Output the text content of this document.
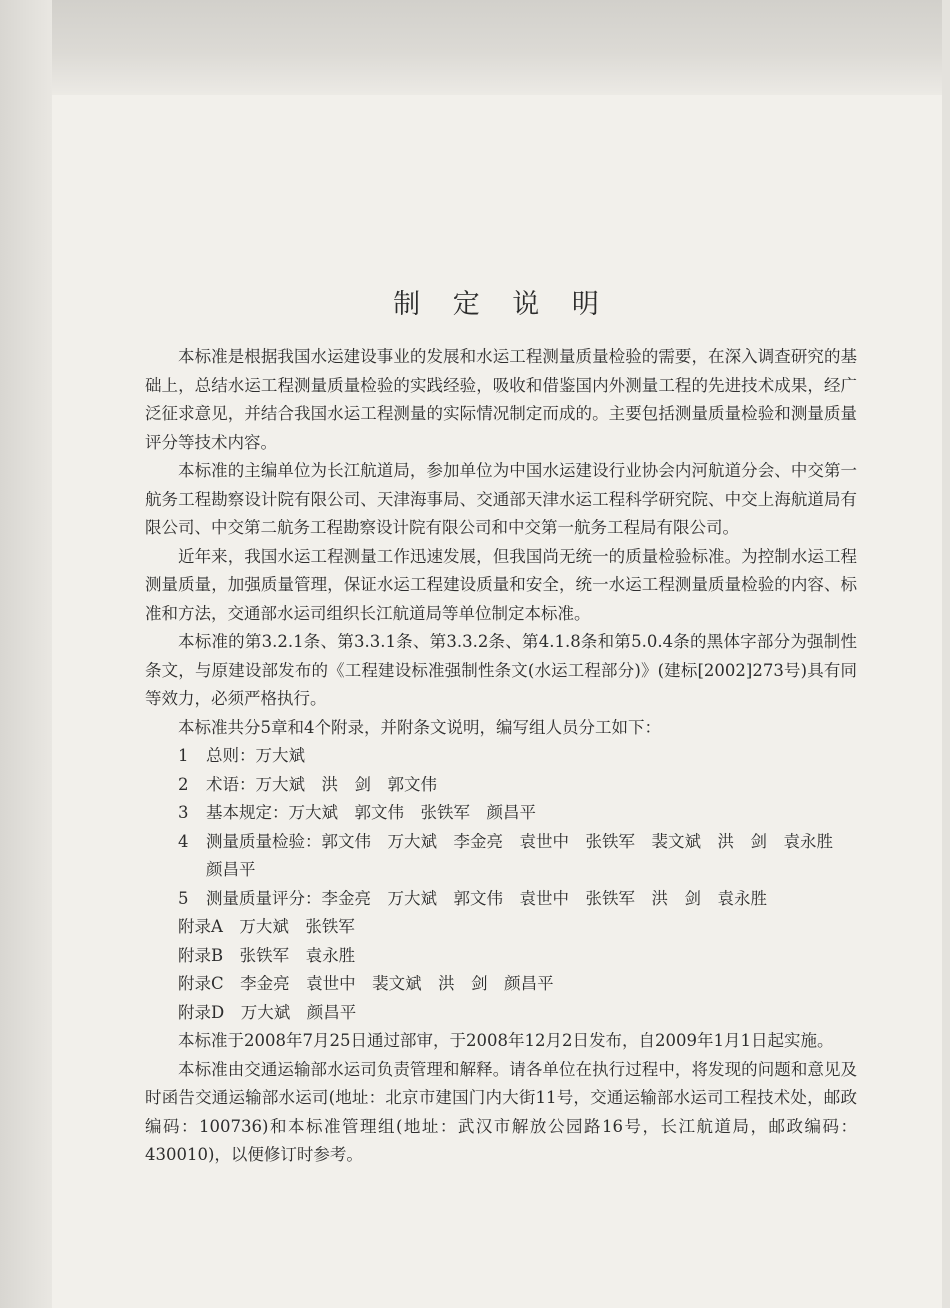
制 定 说 明

本标准是根据我国水运建设事业的发展和水运工程测量质量检验的需要，在深入调查研究的基础上，总结水运工程测量质量检验的实践经验，吸收和借鉴国内外测量工程的先进技术成果，经广泛征求意见，并结合我国水运工程测量的实际情况制定而成的。主要包括测量质量检验和测量质量评分等技术内容。

本标准的主编单位为长江航道局，参加单位为中国水运建设行业协会内河航道分会、中交第一航务工程勘察设计院有限公司、天津海事局、交通部天津水运工程科学研究院、中交上海航道局有限公司、中交第二航务工程勘察设计院有限公司和中交第一航务工程局有限公司。

近年来，我国水运工程测量工作迅速发展，但我国尚无统一的质量检验标准。为控制水运工程测量质量，加强质量管理，保证水运工程建设质量和安全，统一水运工程测量质量检验的内容、标准和方法，交通部水运司组织长江航道局等单位制定本标准。

本标准的第3.2.1条、第3.3.1条、第3.3.2条、第4.1.8条和第5.0.4条的黑体字部分为强制性条文，与原建设部发布的《工程建设标准强制性条文(水运工程部分)》(建标[2002]273号)具有同等效力，必须严格执行。

本标准共分5章和4个附录，并附条文说明，编写组人员分工如下：

1	总则：万大斌
2	术语：万大斌　洪　剑　郭文伟
3	基本规定：万大斌　郭文伟　张铁军　颜昌平
4	测量质量检验：郭文伟　万大斌　李金亮　袁世中　张铁军　裴文斌　洪　剑　袁永胜　颜昌平
5	测量质量评分：李金亮　万大斌　郭文伟　袁世中　张铁军　洪　剑　袁永胜
附录A　万大斌　张铁军
附录B　张铁军　袁永胜
附录C　李金亮　袁世中　裴文斌　洪　剑　颜昌平
附录D　万大斌　颜昌平

本标准于2008年7月25日通过部审，于2008年12月2日发布，自2009年1月1日起实施。

本标准由交通运输部水运司负责管理和解释。请各单位在执行过程中，将发现的问题和意见及时函告交通运输部水运司(地址：北京市建国门内大街11号，交通运输部水运司工程技术处，邮政编码：100736)和本标准管理组(地址：武汉市解放公园路16号，长江航道局，邮政编码：430010)，以便修订时参考。
